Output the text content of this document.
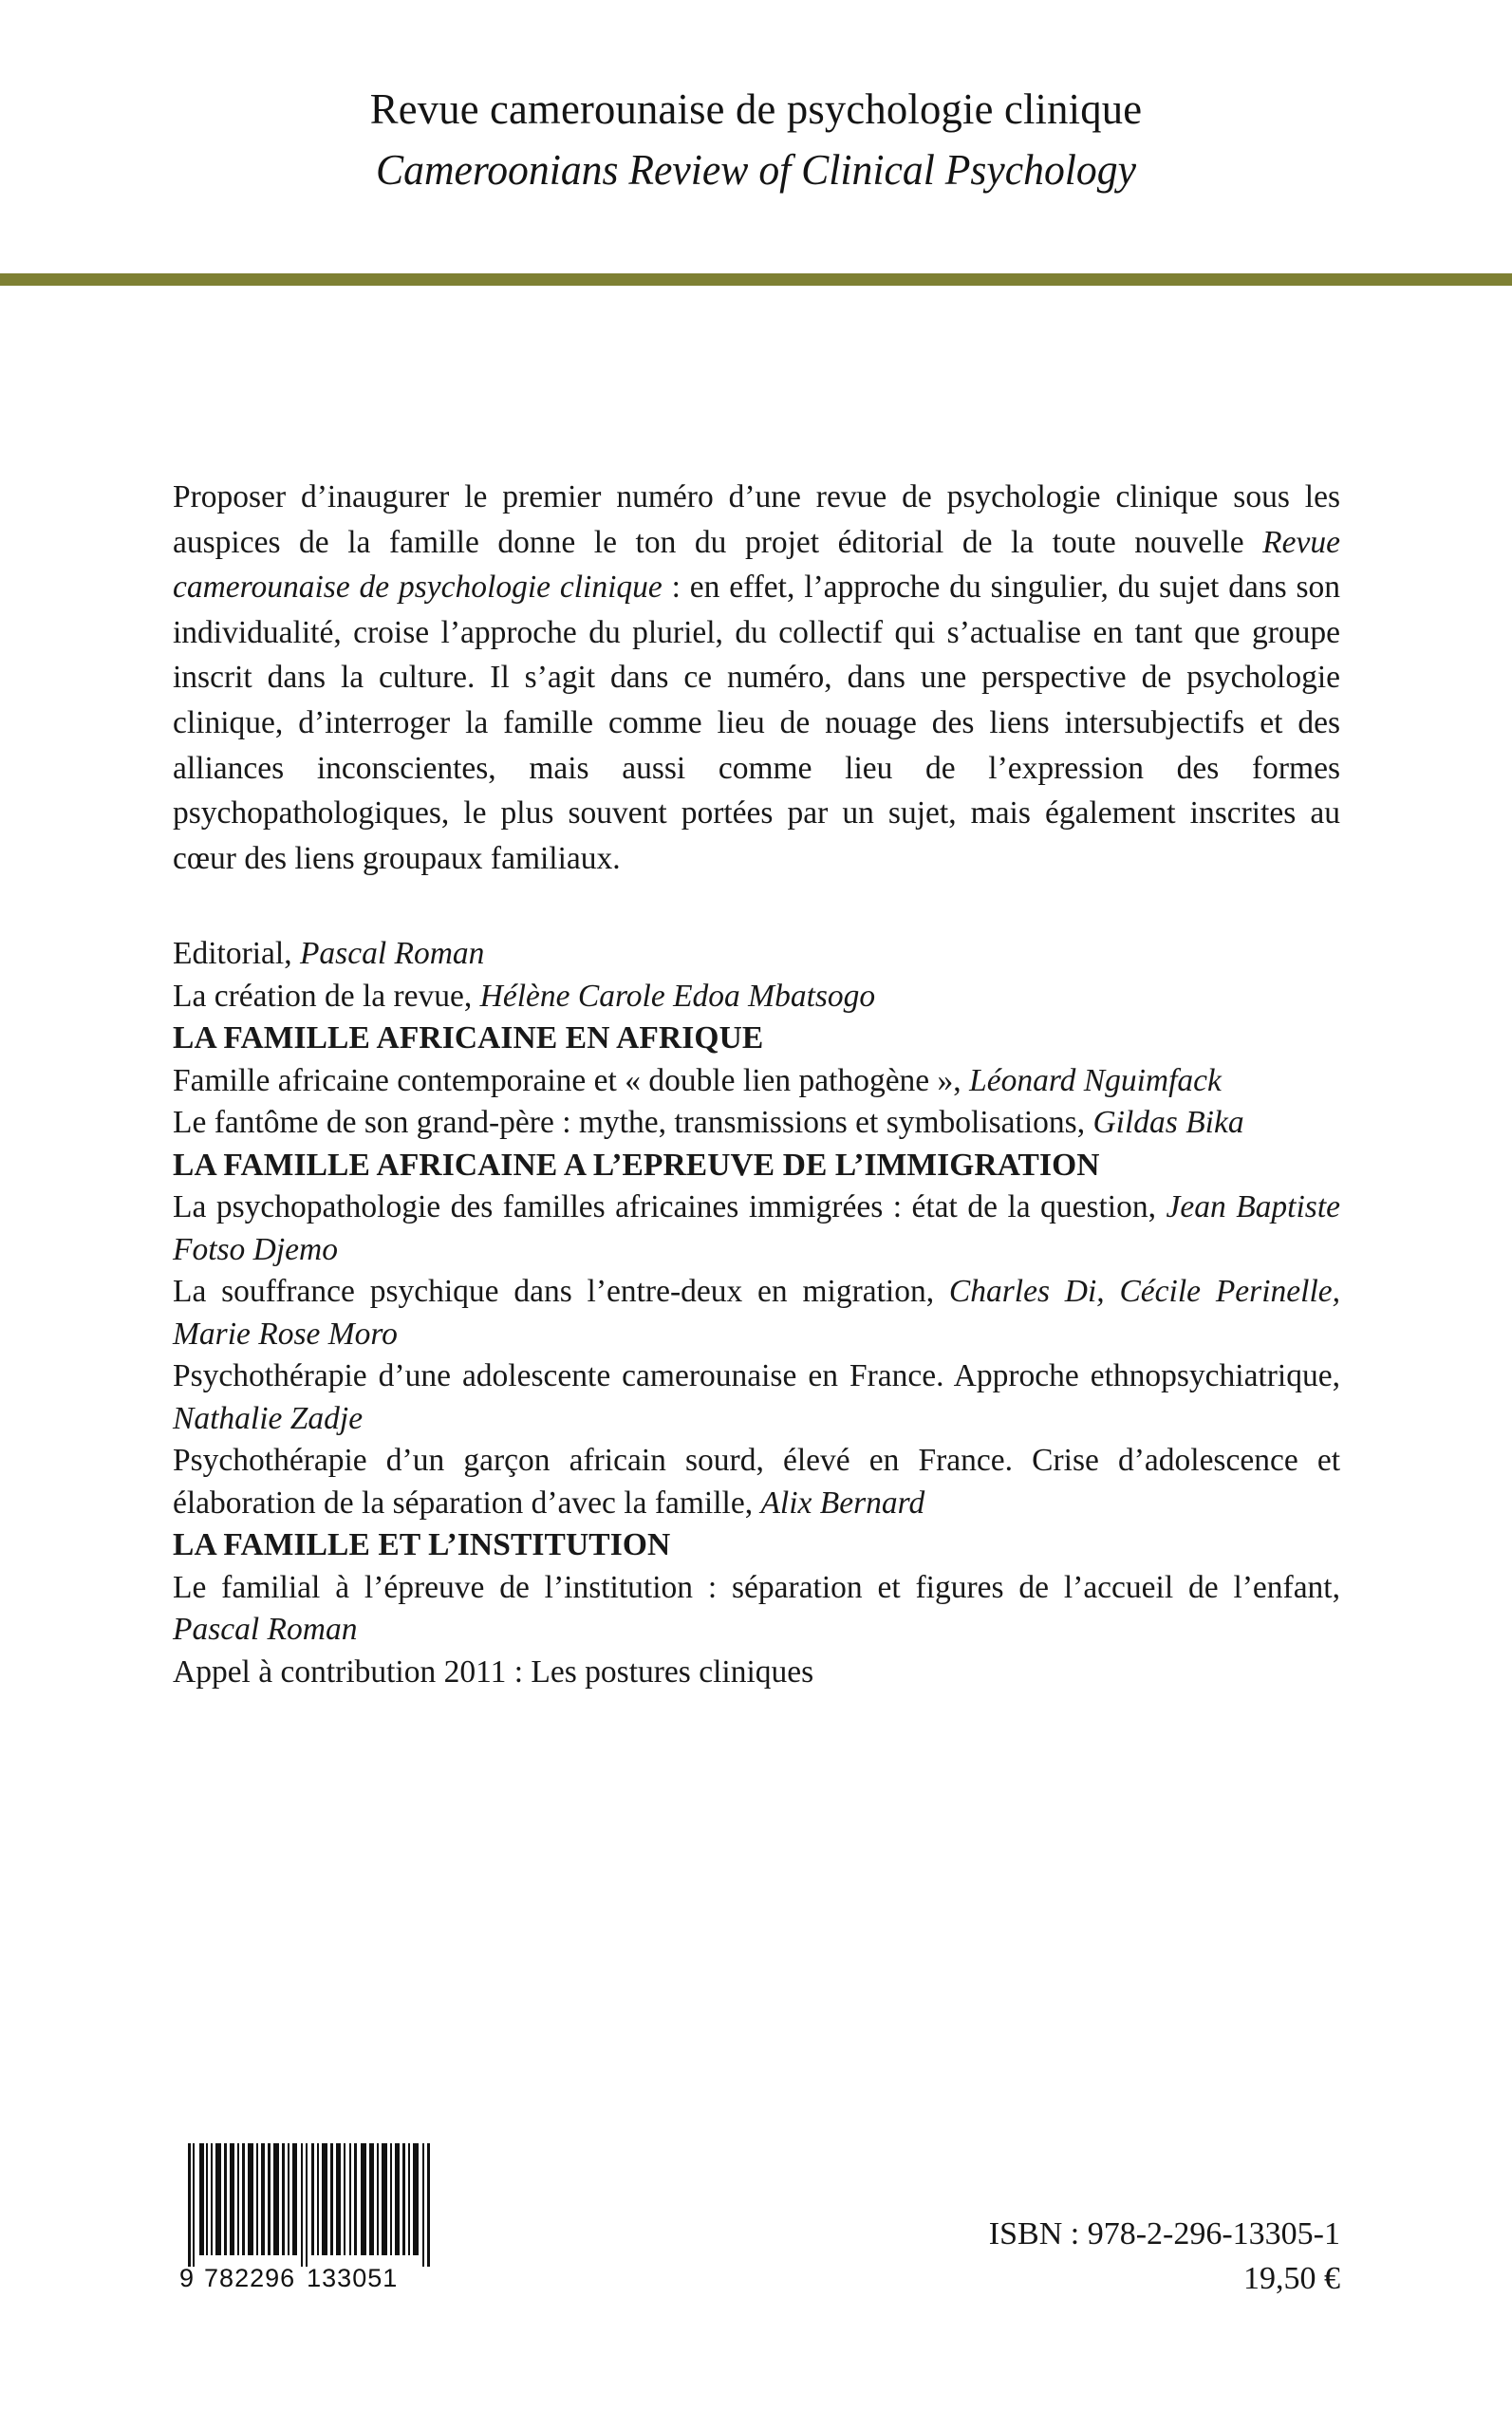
Revue camerounaise de psychologie clinique
Cameroonians Review of Clinical Psychology

Proposer d’inaugurer le premier numéro d’une revue de psychologie clinique sous les auspices de la famille donne le ton du projet éditorial de la toute nouvelle Revue camerounaise de psychologie clinique : en effet, l’approche du singulier, du sujet dans son individualité, croise l’approche du pluriel, du collectif qui s’actualise en tant que groupe inscrit dans la culture. Il s’agit dans ce numéro, dans une perspective de psychologie clinique, d’interroger la famille comme lieu de nouage des liens intersubjectifs et des alliances inconscientes, mais aussi comme lieu de l’expression des formes psychopathologiques, le plus souvent portées par un sujet, mais également inscrites au cœur des liens groupaux familiaux.

Editorial, Pascal Roman

La création de la revue, Hélène Carole Edoa Mbatsogo

LA FAMILLE AFRICAINE EN AFRIQUE

Famille africaine contemporaine et « double lien pathogène », Léonard Nguimfack

Le fantôme de son grand-père : mythe, transmissions et symbolisations, Gildas Bika

LA FAMILLE AFRICAINE A L’EPREUVE DE L’IMMIGRATION

La psychopathologie des familles africaines immigrées : état de la question, Jean Baptiste Fotso Djemo

La souffrance psychique dans l’entre-deux en migration, Charles Di, Cécile Perinelle, Marie Rose Moro

Psychothérapie d’une adolescente camerounaise en France. Approche ethnopsychiatrique, Nathalie Zadje

Psychothérapie d’un garçon africain sourd, élevé en France. Crise d’adolescence et élaboration de la séparation d’avec la famille, Alix Bernard

LA FAMILLE ET L’INSTITUTION

Le familial à l’épreuve de l’institution : séparation et figures de l’accueil de l’enfant, Pascal Roman

Appel à contribution 2011 : Les postures cliniques

9 782296 133051
ISBN : 978-2-296-13305-1
19,50 €
